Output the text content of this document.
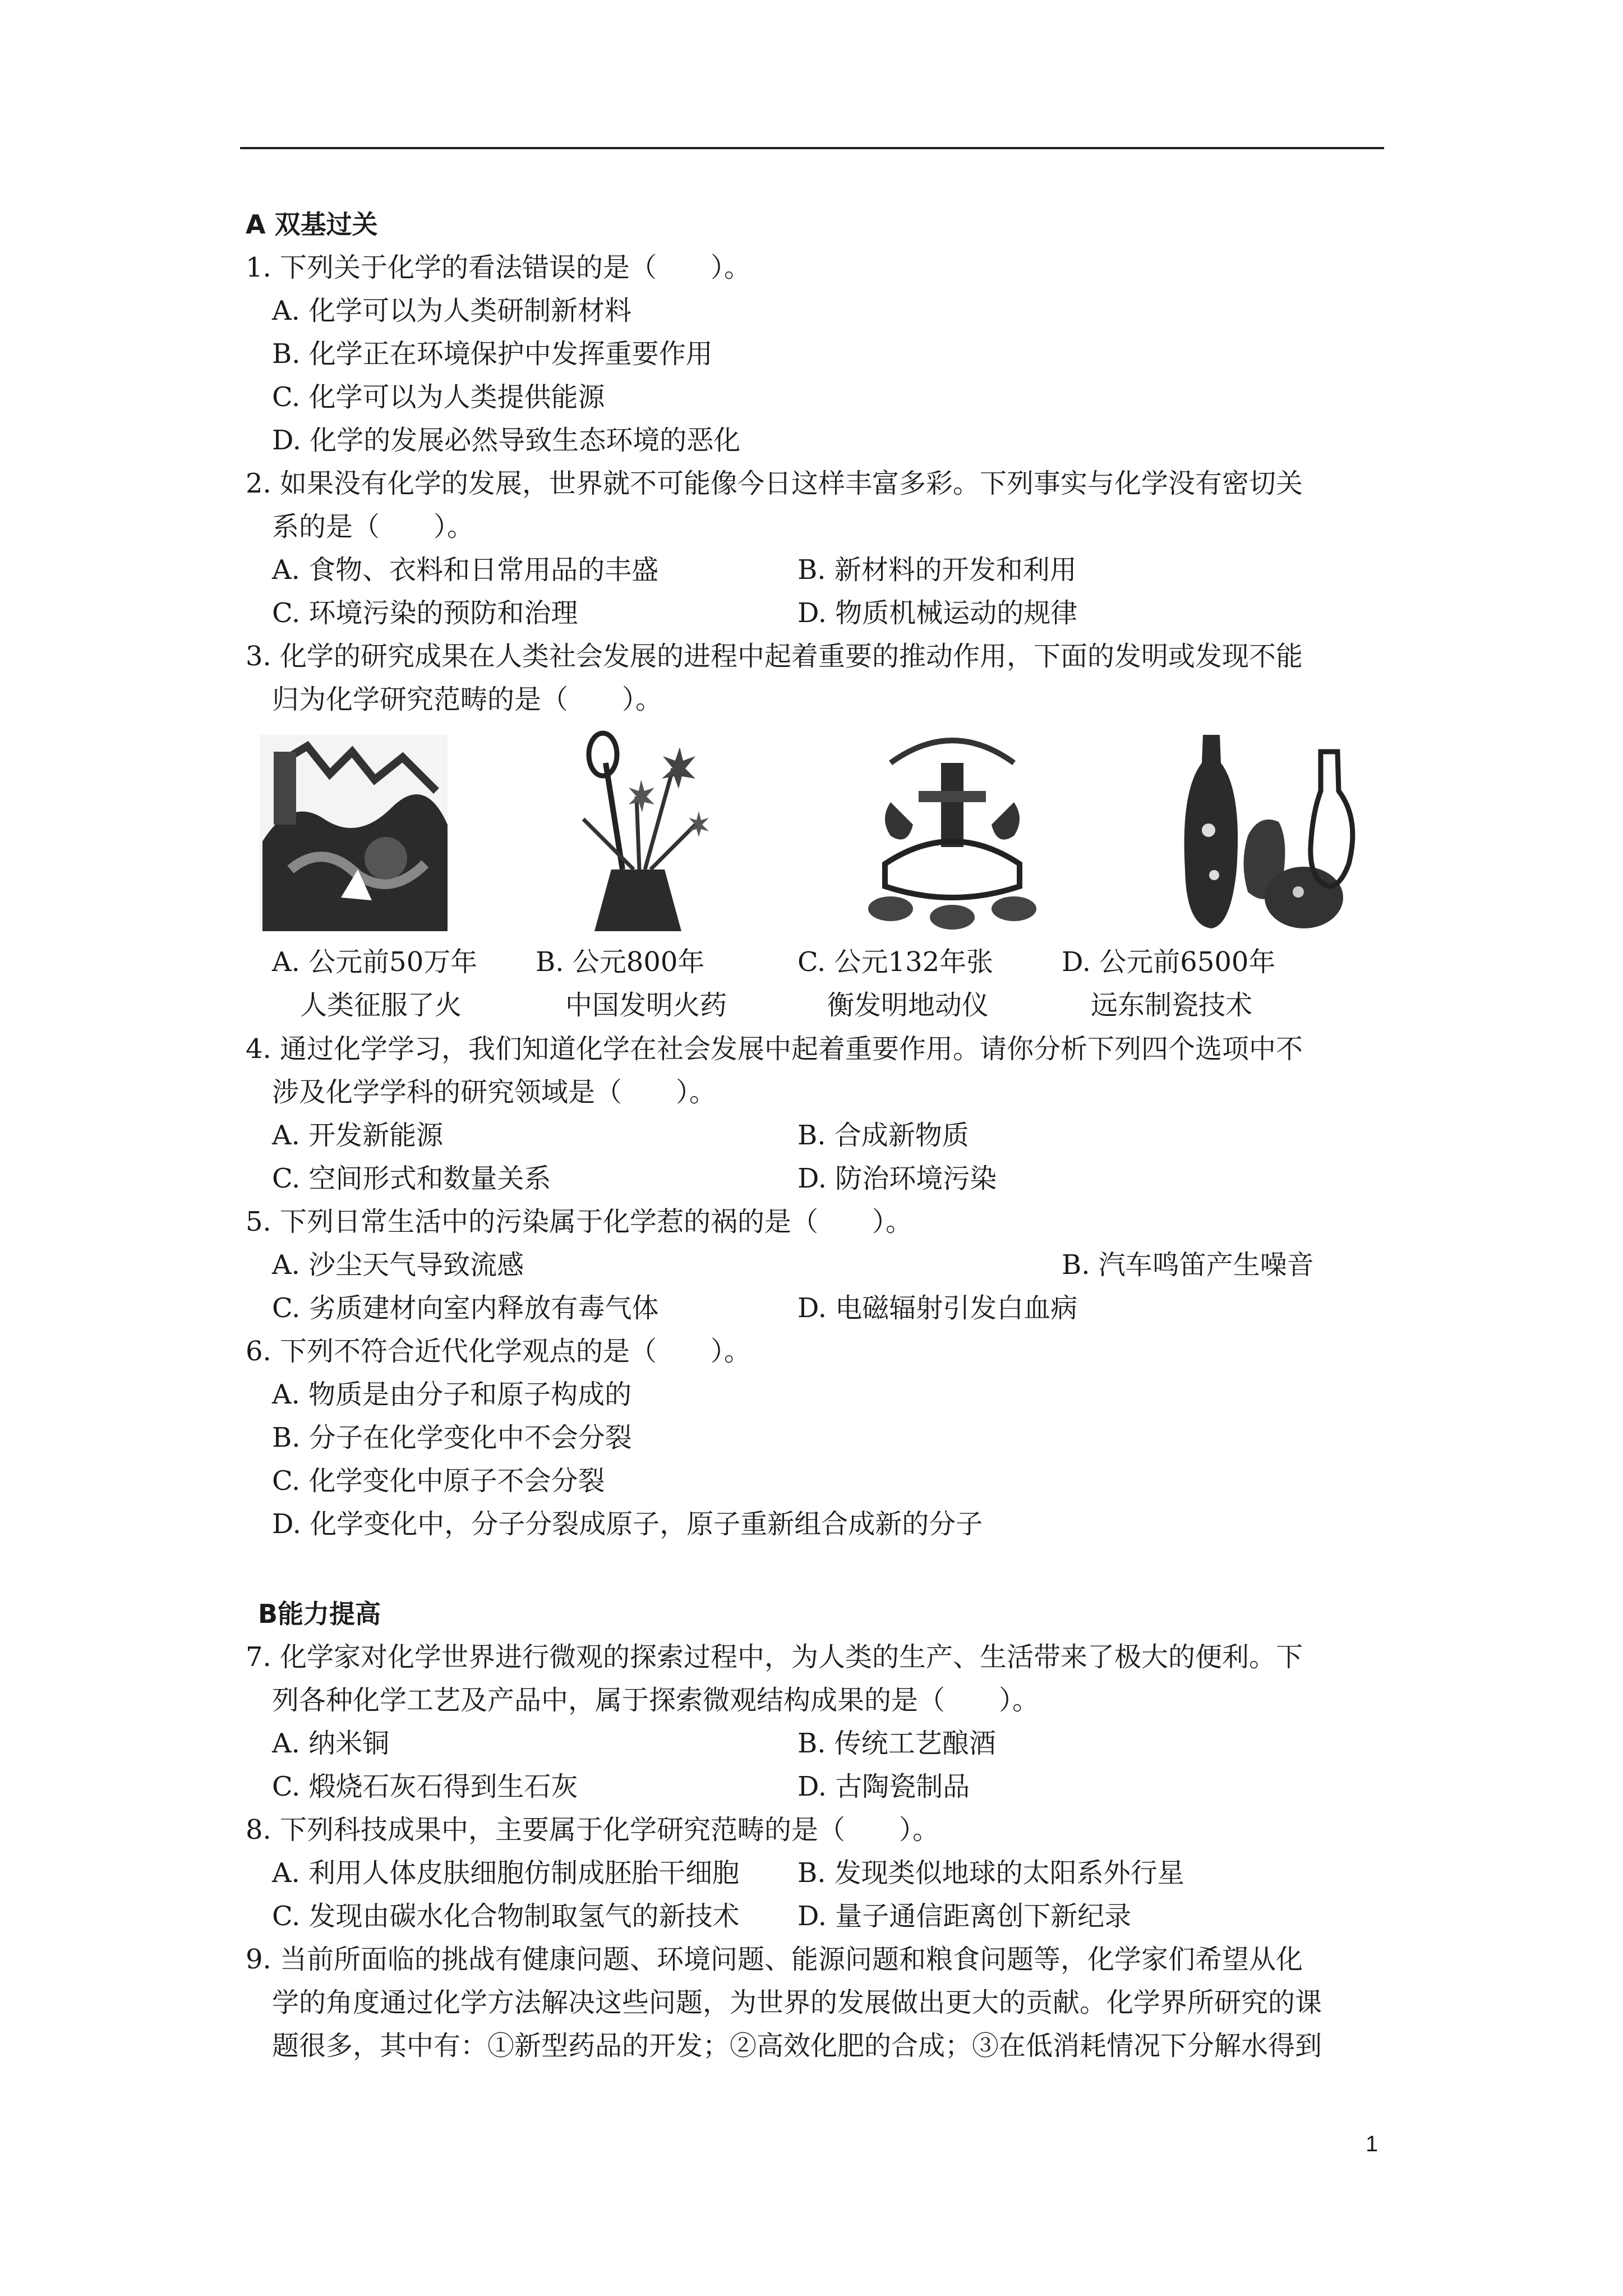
A 双基过关
1. 下列关于化学的看法错误的是（　　）。
A. 化学可以为人类研制新材料
B. 化学正在环境保护中发挥重要作用
C. 化学可以为人类提供能源
D. 化学的发展必然导致生态环境的恶化
2. 如果没有化学的发展，世界就不可能像今日这样丰富多彩。下列事实与化学没有密切关
系的是（　　）。
A. 食物、衣料和日常用品的丰盛	B. 新材料的开发和利用
C. 环境污染的预防和治理	D. 物质机械运动的规律
3. 化学的研究成果在人类社会发展的进程中起着重要的推动作用，下面的发明或发现不能
归为化学研究范畴的是（　　）。
A. 公元前50万年
人类征服了火
B. 公元800年
中国发明火药
C. 公元132年张
衡发明地动仪
D. 公元前6500年
远东制瓷技术
4. 通过化学学习，我们知道化学在社会发展中起着重要作用。请你分析下列四个选项中不
涉及化学学科的研究领域是（　　）。
A. 开发新能源	B. 合成新物质
C. 空间形式和数量关系	D. 防治环境污染
5. 下列日常生活中的污染属于化学惹的祸的是（　　）。
A. 沙尘天气导致流感	B. 汽车鸣笛产生噪音
C. 劣质建材向室内释放有毒气体	D. 电磁辐射引发白血病
6. 下列不符合近代化学观点的是（　　）。
A. 物质是由分子和原子构成的
B. 分子在化学变化中不会分裂
C. 化学变化中原子不会分裂
D. 化学变化中，分子分裂成原子，原子重新组合成新的分子
B能力提高
7. 化学家对化学世界进行微观的探索过程中，为人类的生产、生活带来了极大的便利。下
列各种化学工艺及产品中，属于探索微观结构成果的是（　　）。
A. 纳米铜	B. 传统工艺酿酒
C. 煅烧石灰石得到生石灰	D. 古陶瓷制品
8. 下列科技成果中，主要属于化学研究范畴的是（　　）。
A. 利用人体皮肤细胞仿制成胚胎干细胞 B. 发现类似地球的太阳系外行星
C. 发现由碳水化合物制取氢气的新技术 D. 量子通信距离创下新纪录
9. 当前所面临的挑战有健康问题、环境问题、能源问题和粮食问题等，化学家们希望从化
学的角度通过化学方法解决这些问题，为世界的发展做出更大的贡献。化学界所研究的课
题很多，其中有：①新型药品的开发；②高效化肥的合成；③在低消耗情况下分解水得到
1
